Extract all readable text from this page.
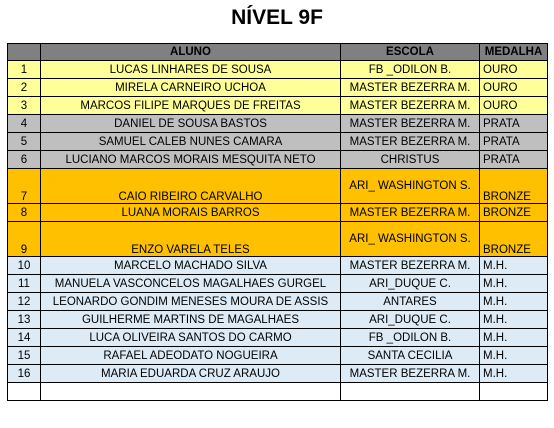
NÍVEL 9F
	ALUNO	ESCOLA	MEDALHA
1	LUCAS LINHARES DE SOUSA	FB _ODILON B.	OURO
2	MIRELA CARNEIRO UCHOA	MASTER BEZERRA M.	OURO
3	MARCOS FILIPE MARQUES DE FREITAS	MASTER BEZERRA M.	OURO
4	DANIEL DE SOUSA BASTOS	MASTER BEZERRA M.	PRATA
5	SAMUEL CALEB NUNES CAMARA	MASTER BEZERRA M.	PRATA
6	LUCIANO MARCOS MORAIS MESQUITA NETO	CHRISTUS	PRATA
7	CAIO RIBEIRO CARVALHO	ARI_ WASHINGTON S.	BRONZE
8	LUANA MORAIS BARROS	MASTER BEZERRA M.	BRONZE
9	ENZO VARELA TELES	ARI_ WASHINGTON S.	BRONZE
10	MARCELO MACHADO SILVA	MASTER BEZERRA M.	M.H.
11	MANUELA VASCONCELOS MAGALHAES GURGEL	ARI_DUQUE C.	M.H.
12	LEONARDO GONDIM MENESES MOURA DE ASSIS	ANTARES	M.H.
13	GUILHERME MARTINS DE MAGALHAES	ARI_DUQUE C.	M.H.
14	LUCA OLIVEIRA SANTOS DO CARMO	FB _ODILON B.	M.H.
15	RAFAEL ADEODATO NOGUEIRA	SANTA CECILIA	M.H.
16	MARIA EDUARDA CRUZ ARAUJO	MASTER BEZERRA M.	M.H.
